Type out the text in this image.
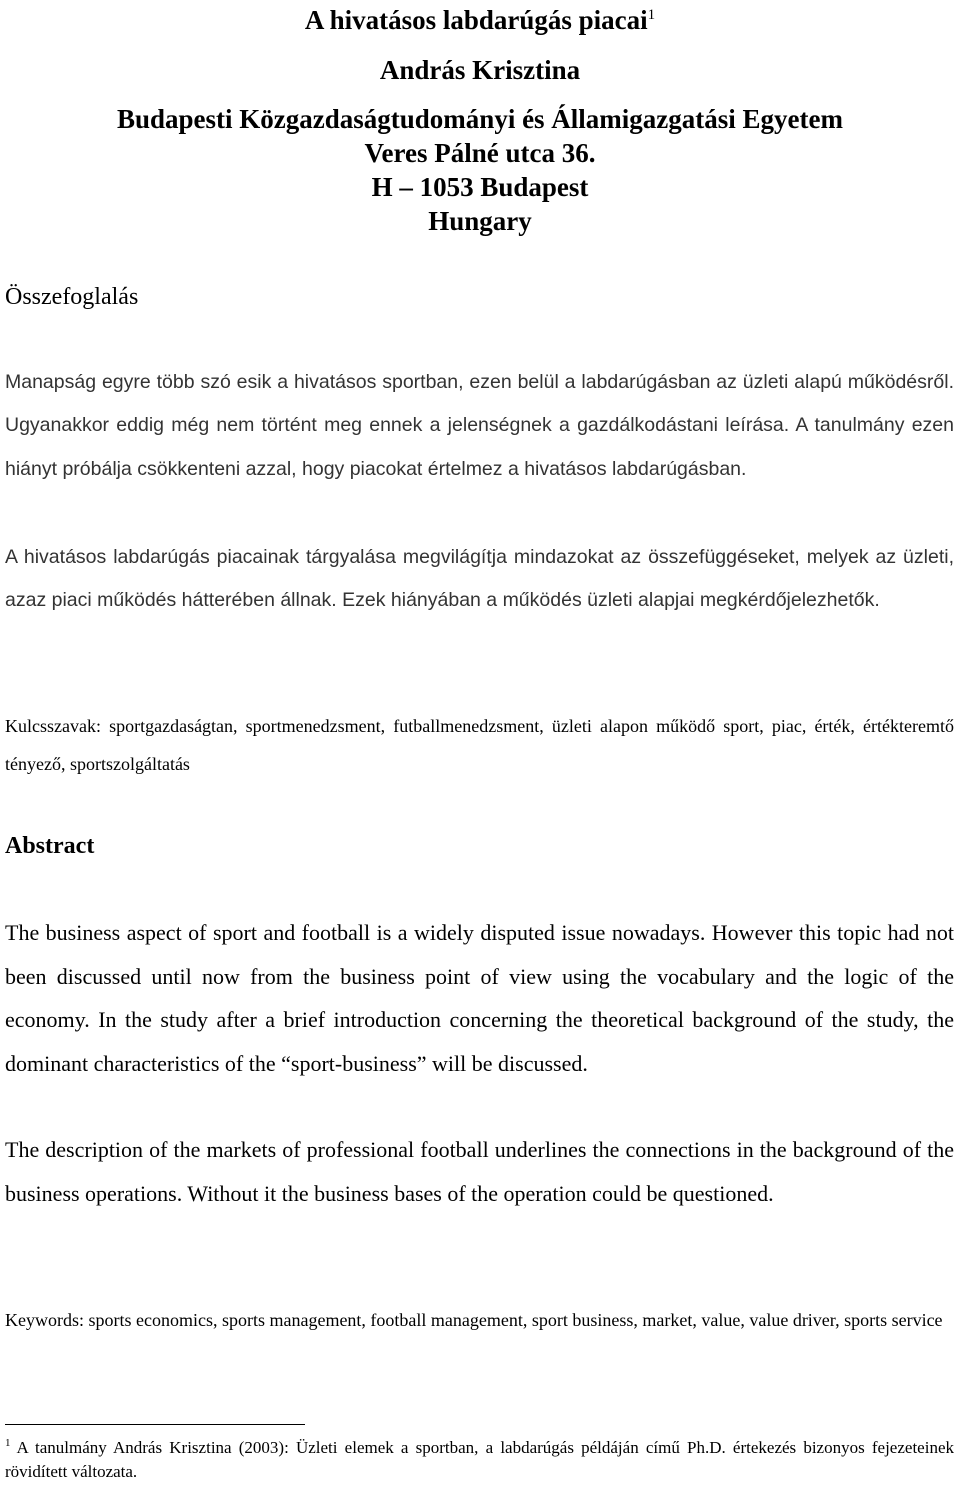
A hivatásos labdarúgás piacai$^1$
András Krisztina
Budapesti Közgazdaságtudományi és Államigazgatási Egyetem
Veres Pálné utca 36.
H – 1053 Budapest
Hungary
Összefoglalás
Manapság egyre több szó esik a hivatásos sportban, ezen belül a labdarúgásban az üzleti alapú működésről. Ugyanakkor eddig még nem történt meg ennek a jelenségnek a gazdálkodástani leírása. A tanulmány ezen hiányt próbálja csökkenteni azzal, hogy piacokat értelmez a hivatásos labdarúgásban.
A hivatásos labdarúgás piacainak tárgyalása megvilágítja mindazokat az összefüggéseket, melyek az üzleti, azaz piaci működés hátterében állnak. Ezek hiányában a működés üzleti alapjai megkérdőjelezhetők.
Kulcsszavak: sportgazdaságtan, sportmenedzsment, futballmenedzsment, üzleti alapon működő sport, piac, érték, értékteremtő tényező, sportszolgáltatás
Abstract
The business aspect of sport and football is a widely disputed issue nowadays. However this topic had not been discussed until now from the business point of view using the vocabulary and the logic of the economy. In the study after a brief introduction concerning the theoretical background of the study, the dominant characteristics of the “sport-business” will be discussed.
The description of the markets of professional football underlines the connections in the background of the business operations. Without it the business bases of the operation could be questioned.
Keywords: sports economics, sports management, football management, sport business, market, value, value driver, sports service
$^1$ A tanulmány András Krisztina (2003): Üzleti elemek a sportban, a labdarúgás példáján című Ph.D. értekezés bizonyos fejezeteinek rövidített változata.
